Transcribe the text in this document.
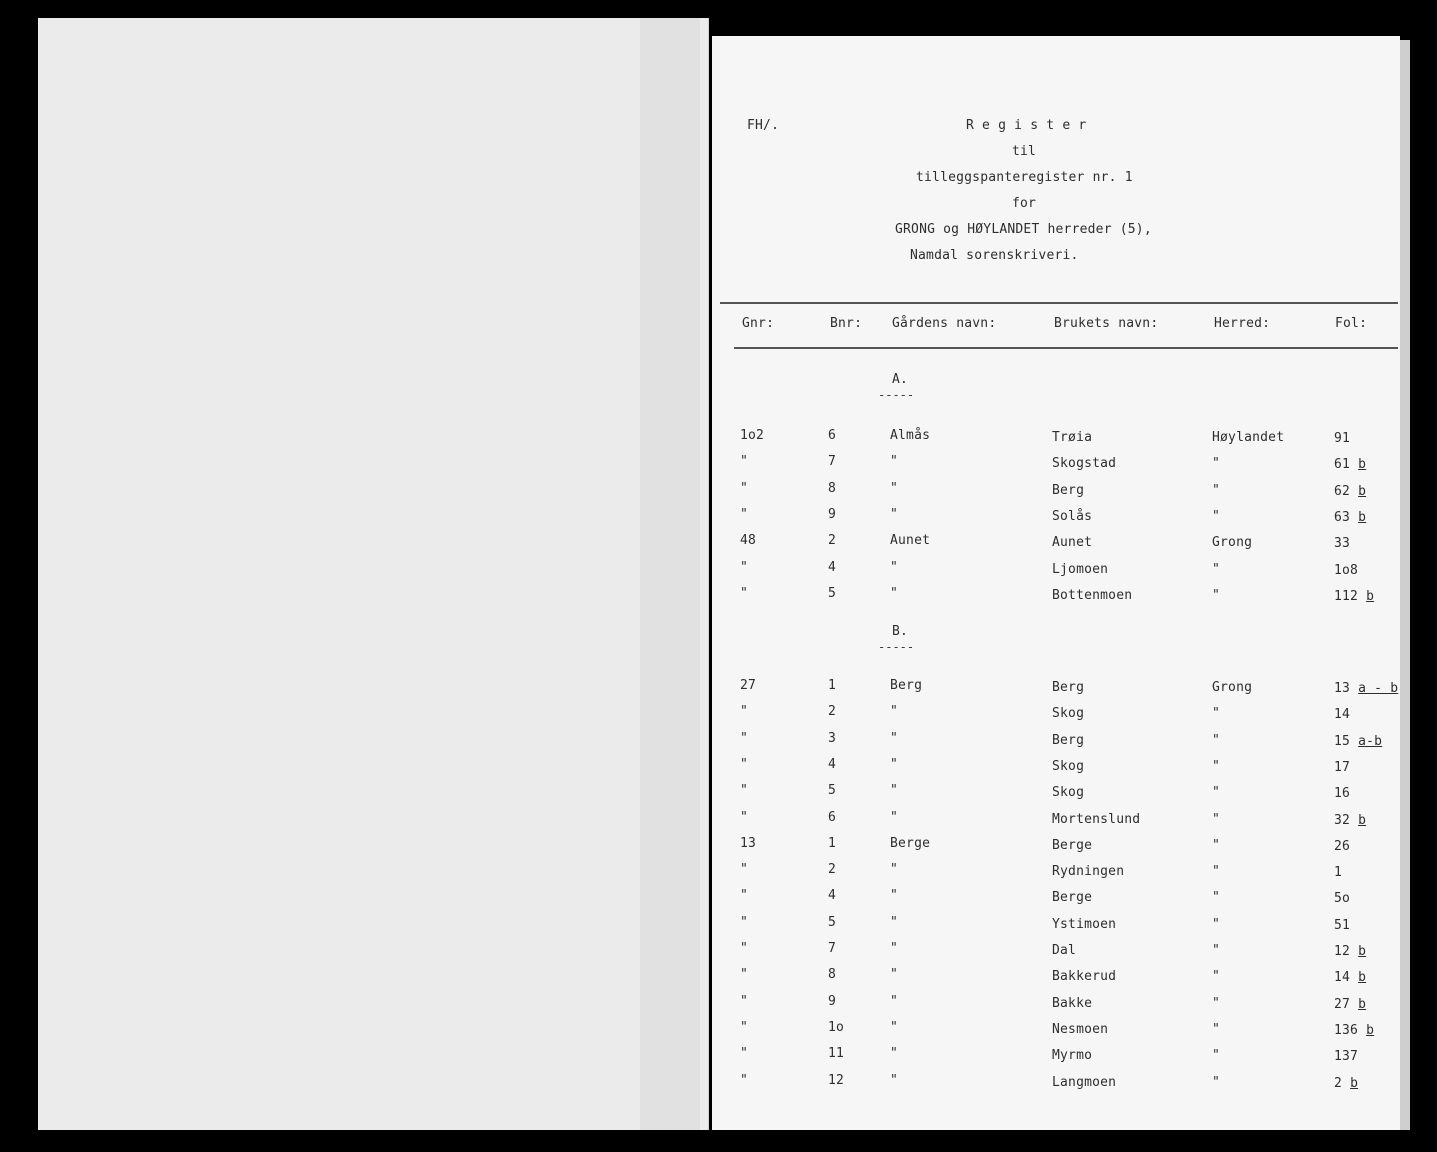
FH/.	R e g i s t e r
til
tilleggspanteregister nr. 1
for
GRONG og HØYLANDET herreder (5),
Namdal sorenskriveri.
Gnr:	Bnr: Gårdens navn:	Brukets navn:	Herred:	Fol:
A.
-----
1o2	6	Almås	Trøia	Høylandet	91
"	7	"	Skogstad	"	61 b
"	8	"	Berg	"	62 b
"	9	"	Solås	"	63 b
48	2	Aunet	Aunet	Grong	33
"	4	"	Ljomoen	"	1o8
"	5	"	Bottenmoen	"	112 b
B.
-----
27	1	Berg	Berg	Grong	13 a - b
"	2	"	Skog	"	14
"	3	"	Berg	"	15 a-b
"	4	"	Skog	"	17
"	5	"	Skog	"	16
"	6	"	Mortenslund	"	32 b
13	1	Berge	Berge	"	26
"	2	"	Rydningen	"	1
"	4	"	Berge	"	5o
"	5	"	Ystimoen	"	51
"	7	"	Dal	"	12 b
"	8	"	Bakkerud	"	14 b
"	9	"	Bakke	"	27 b
"	1o	"	Nesmoen	"	136 b
"	11	"	Myrmo	"	137
"	12	"	Langmoen	"	2 b
